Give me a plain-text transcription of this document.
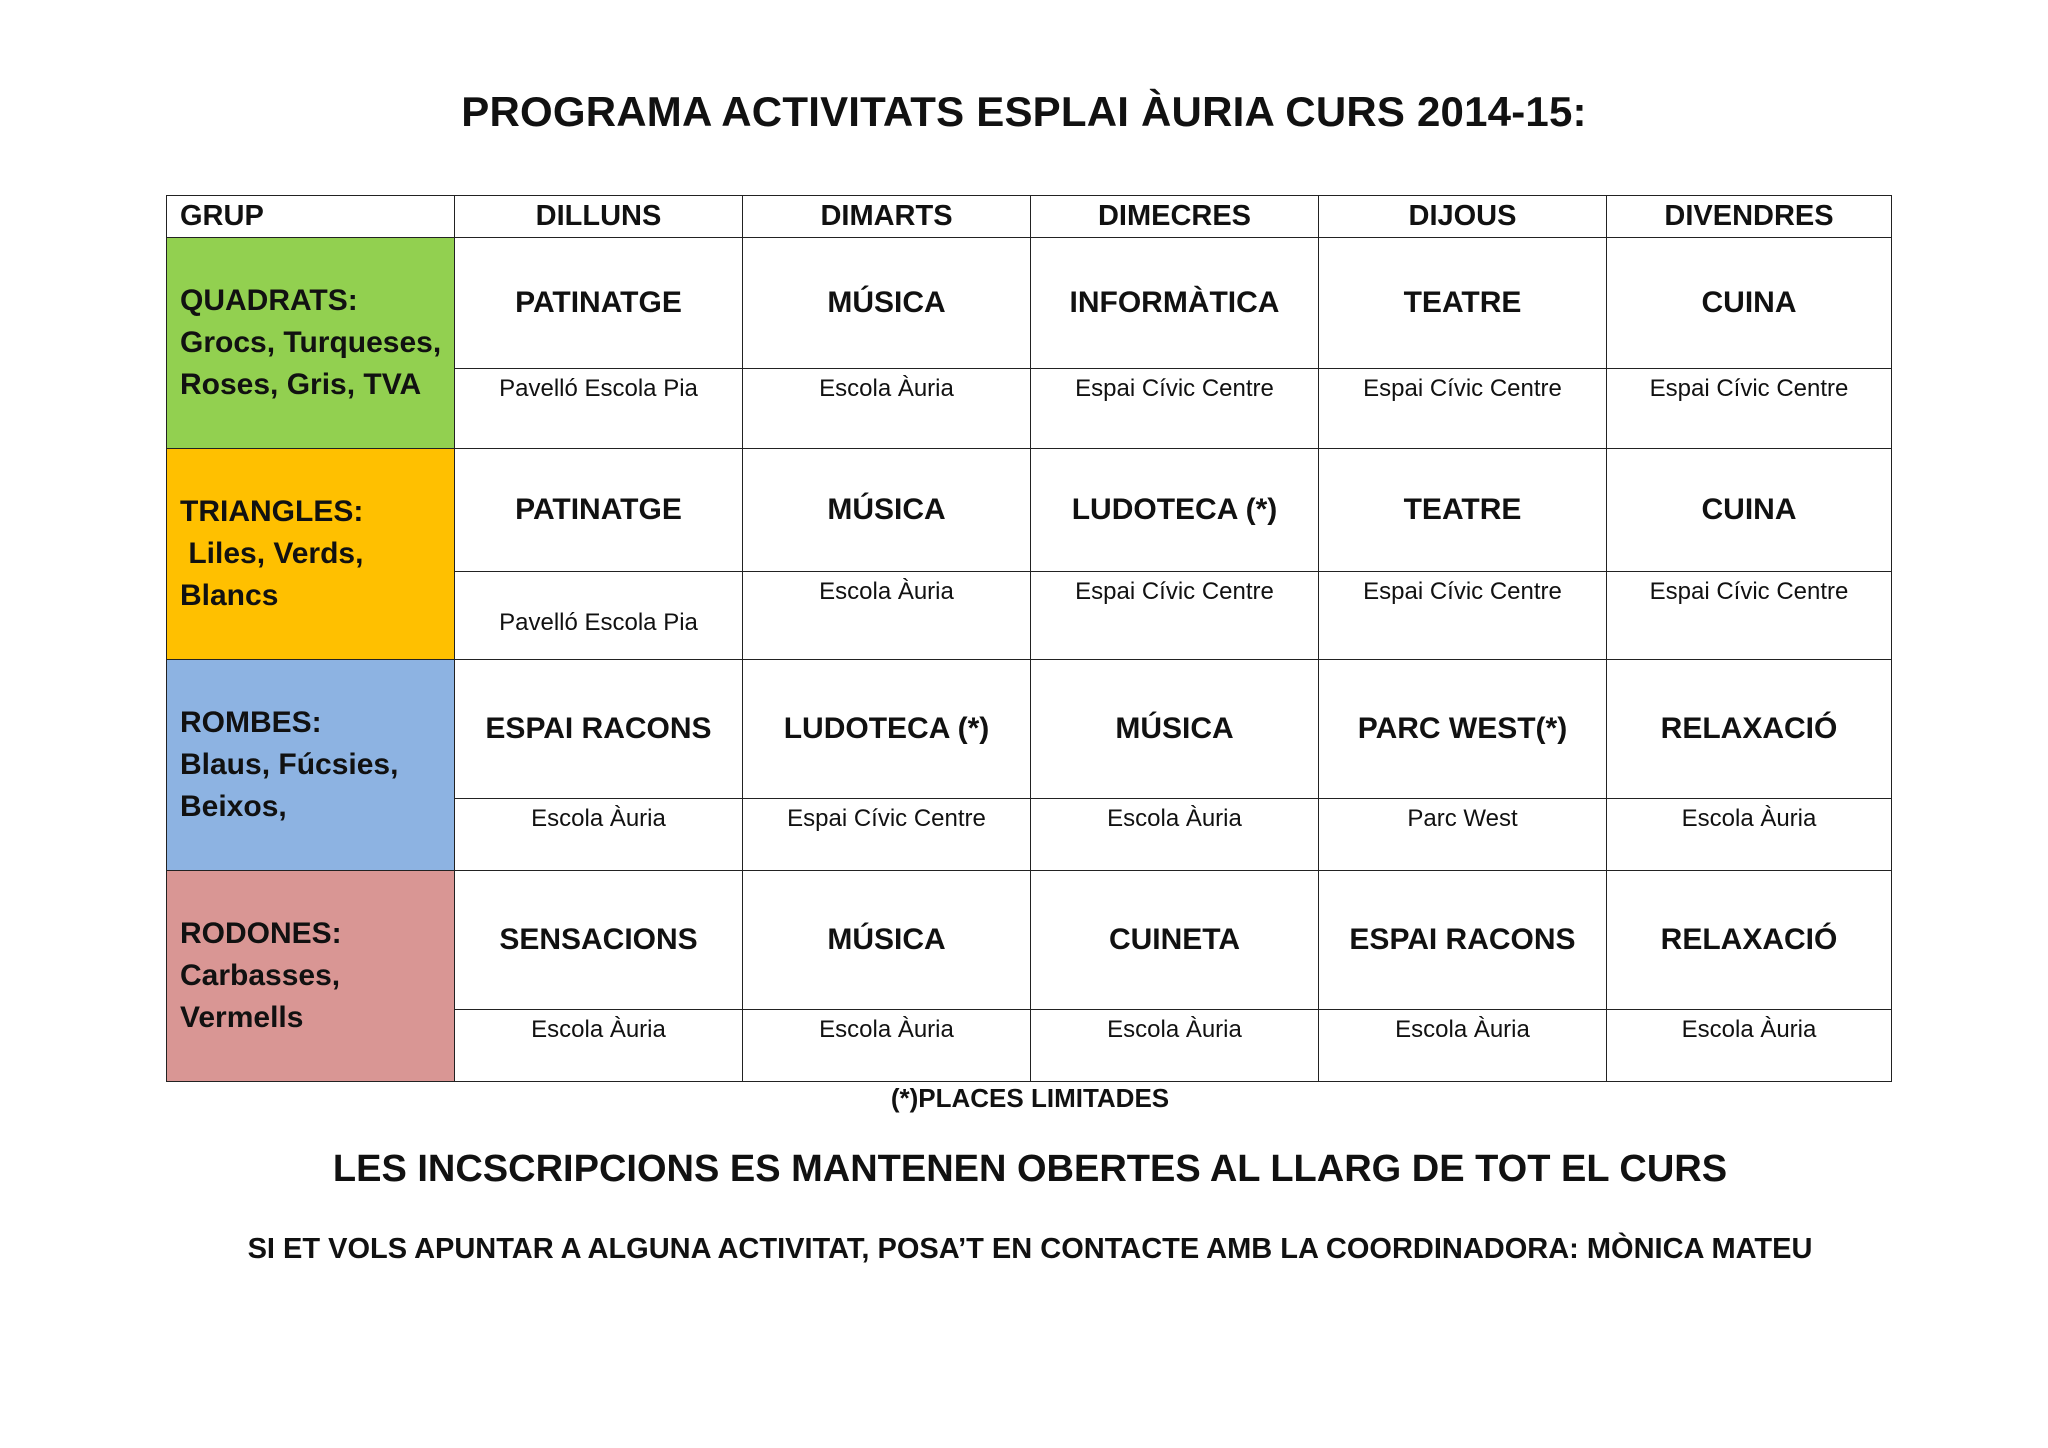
PROGRAMA ACTIVITATS ESPLAI ÀURIA CURS 2014-15:
GRUP	DILLUNS	DIMARTS	DIMECRES	DIJOUS	DIVENDRES

QUADRATS:
Grocs, Turqueses,
Roses, Gris, TVA	PATINATGE	MÚSICA	INFORMÀTICA	TEATRE	CUINA
	Pavelló Escola Pia	Escola Àuria	Espai Cívic Centre	Espai Cívic Centre	Espai Cívic Centre

TRIANGLES:
Liles, Verds,
Blancs	PATINATGE	MÚSICA	LUDOTECA (*)	TEATRE	CUINA
	Pavelló Escola Pia	Escola Àuria	Espai Cívic Centre	Espai Cívic Centre	Espai Cívic Centre

ROMBES:
Blaus, Fúcsies,
Beixos,	ESPAI RACONS	LUDOTECA (*)	MÚSICA	PARC WEST(*)	RELAXACIÓ
	Escola Àuria	Espai Cívic Centre	Escola Àuria	Parc West	Escola Àuria

RODONES:
Carbasses,
Vermells	SENSACIONS	MÚSICA	CUINETA	ESPAI RACONS	RELAXACIÓ
	Escola Àuria	Escola Àuria	Escola Àuria	Escola Àuria	Escola Àuria
(*)PLACES LIMITADES
LES INCSCRIPCIONS ES MANTENEN OBERTES AL LLARG DE TOT EL CURS
SI ET VOLS APUNTAR A ALGUNA ACTIVITAT, POSA’T EN CONTACTE AMB LA COORDINADORA: MÒNICA MATEU
